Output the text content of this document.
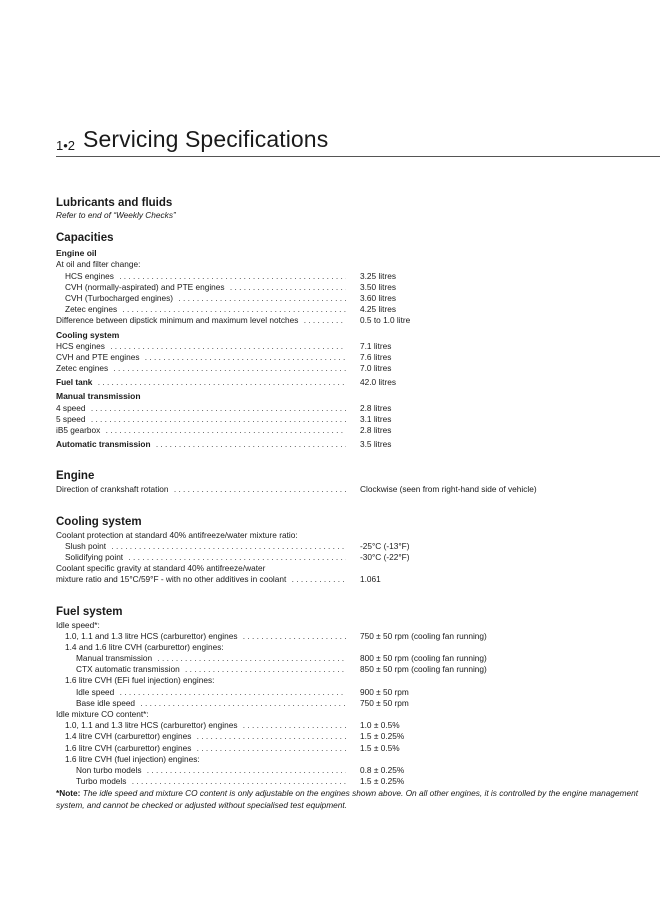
1•2 Servicing Specifications
Lubricants and fluids
Refer to end of “Weekly Checks”
Capacities
Engine oil
At oil and filter change:
HCS engines . . .	3.25 litres
CVH (normally-aspirated) and PTE engines . . .	3.50 litres
CVH (Turbocharged engines) . . .	3.60 litres
Zetec engines . . .	4.25 litres
Difference between dipstick minimum and maximum level notches . . .	0.5 to 1.0 litre
Cooling system
HCS engines . . .	7.1 litres
CVH and PTE engines . . .	7.6 litres
Zetec engines . . .	7.0 litres
Fuel tank . . .	42.0 litres
Manual transmission
4 speed . . .	2.8 litres
5 speed . . .	3.1 litres
iB5 gearbox . . .	2.8 litres
Automatic transmission . . .	3.5 litres
Engine
Direction of crankshaft rotation . . .	Clockwise (seen from right-hand side of vehicle)
Cooling system
Coolant protection at standard 40% antifreeze/water mixture ratio:
Slush point . . .	-25°C (-13°F)
Solidifying point . . .	-30°C (-22°F)
Coolant specific gravity at standard 40% antifreeze/water
mixture ratio and 15°C/59°F - with no other additives in coolant . . .	1.061
Fuel system
Idle speed*:
1.0, 1.1 and 1.3 litre HCS (carburettor) engines . . .	750 ± 50 rpm (cooling fan running)
1.4 and 1.6 litre CVH (carburettor) engines:
Manual transmission . . .	800 ± 50 rpm (cooling fan running)
CTX automatic transmission . . .	850 ± 50 rpm (cooling fan running)
1.6 litre CVH (EFi fuel injection) engines:
Idle speed . . .	900 ± 50 rpm
Base idle speed . . .	750 ± 50 rpm
Idle mixture CO content*:
1.0, 1.1 and 1.3 litre HCS (carburettor) engines . . .	1.0 ± 0.5%
1.4 litre CVH (carburettor) engines . . .	1.5 ± 0.25%
1.6 litre CVH (carburettor) engines . . .	1.5 ± 0.5%
1.6 litre CVH (fuel injection) engines:
Non turbo models . . .	0.8 ± 0.25%
Turbo models . . .	1.5 ± 0.25%
*Note: The idle speed and mixture CO content is only adjustable on the engines shown above. On all other engines, it is controlled by the engine management system, and cannot be checked or adjusted without specialised test equipment.
